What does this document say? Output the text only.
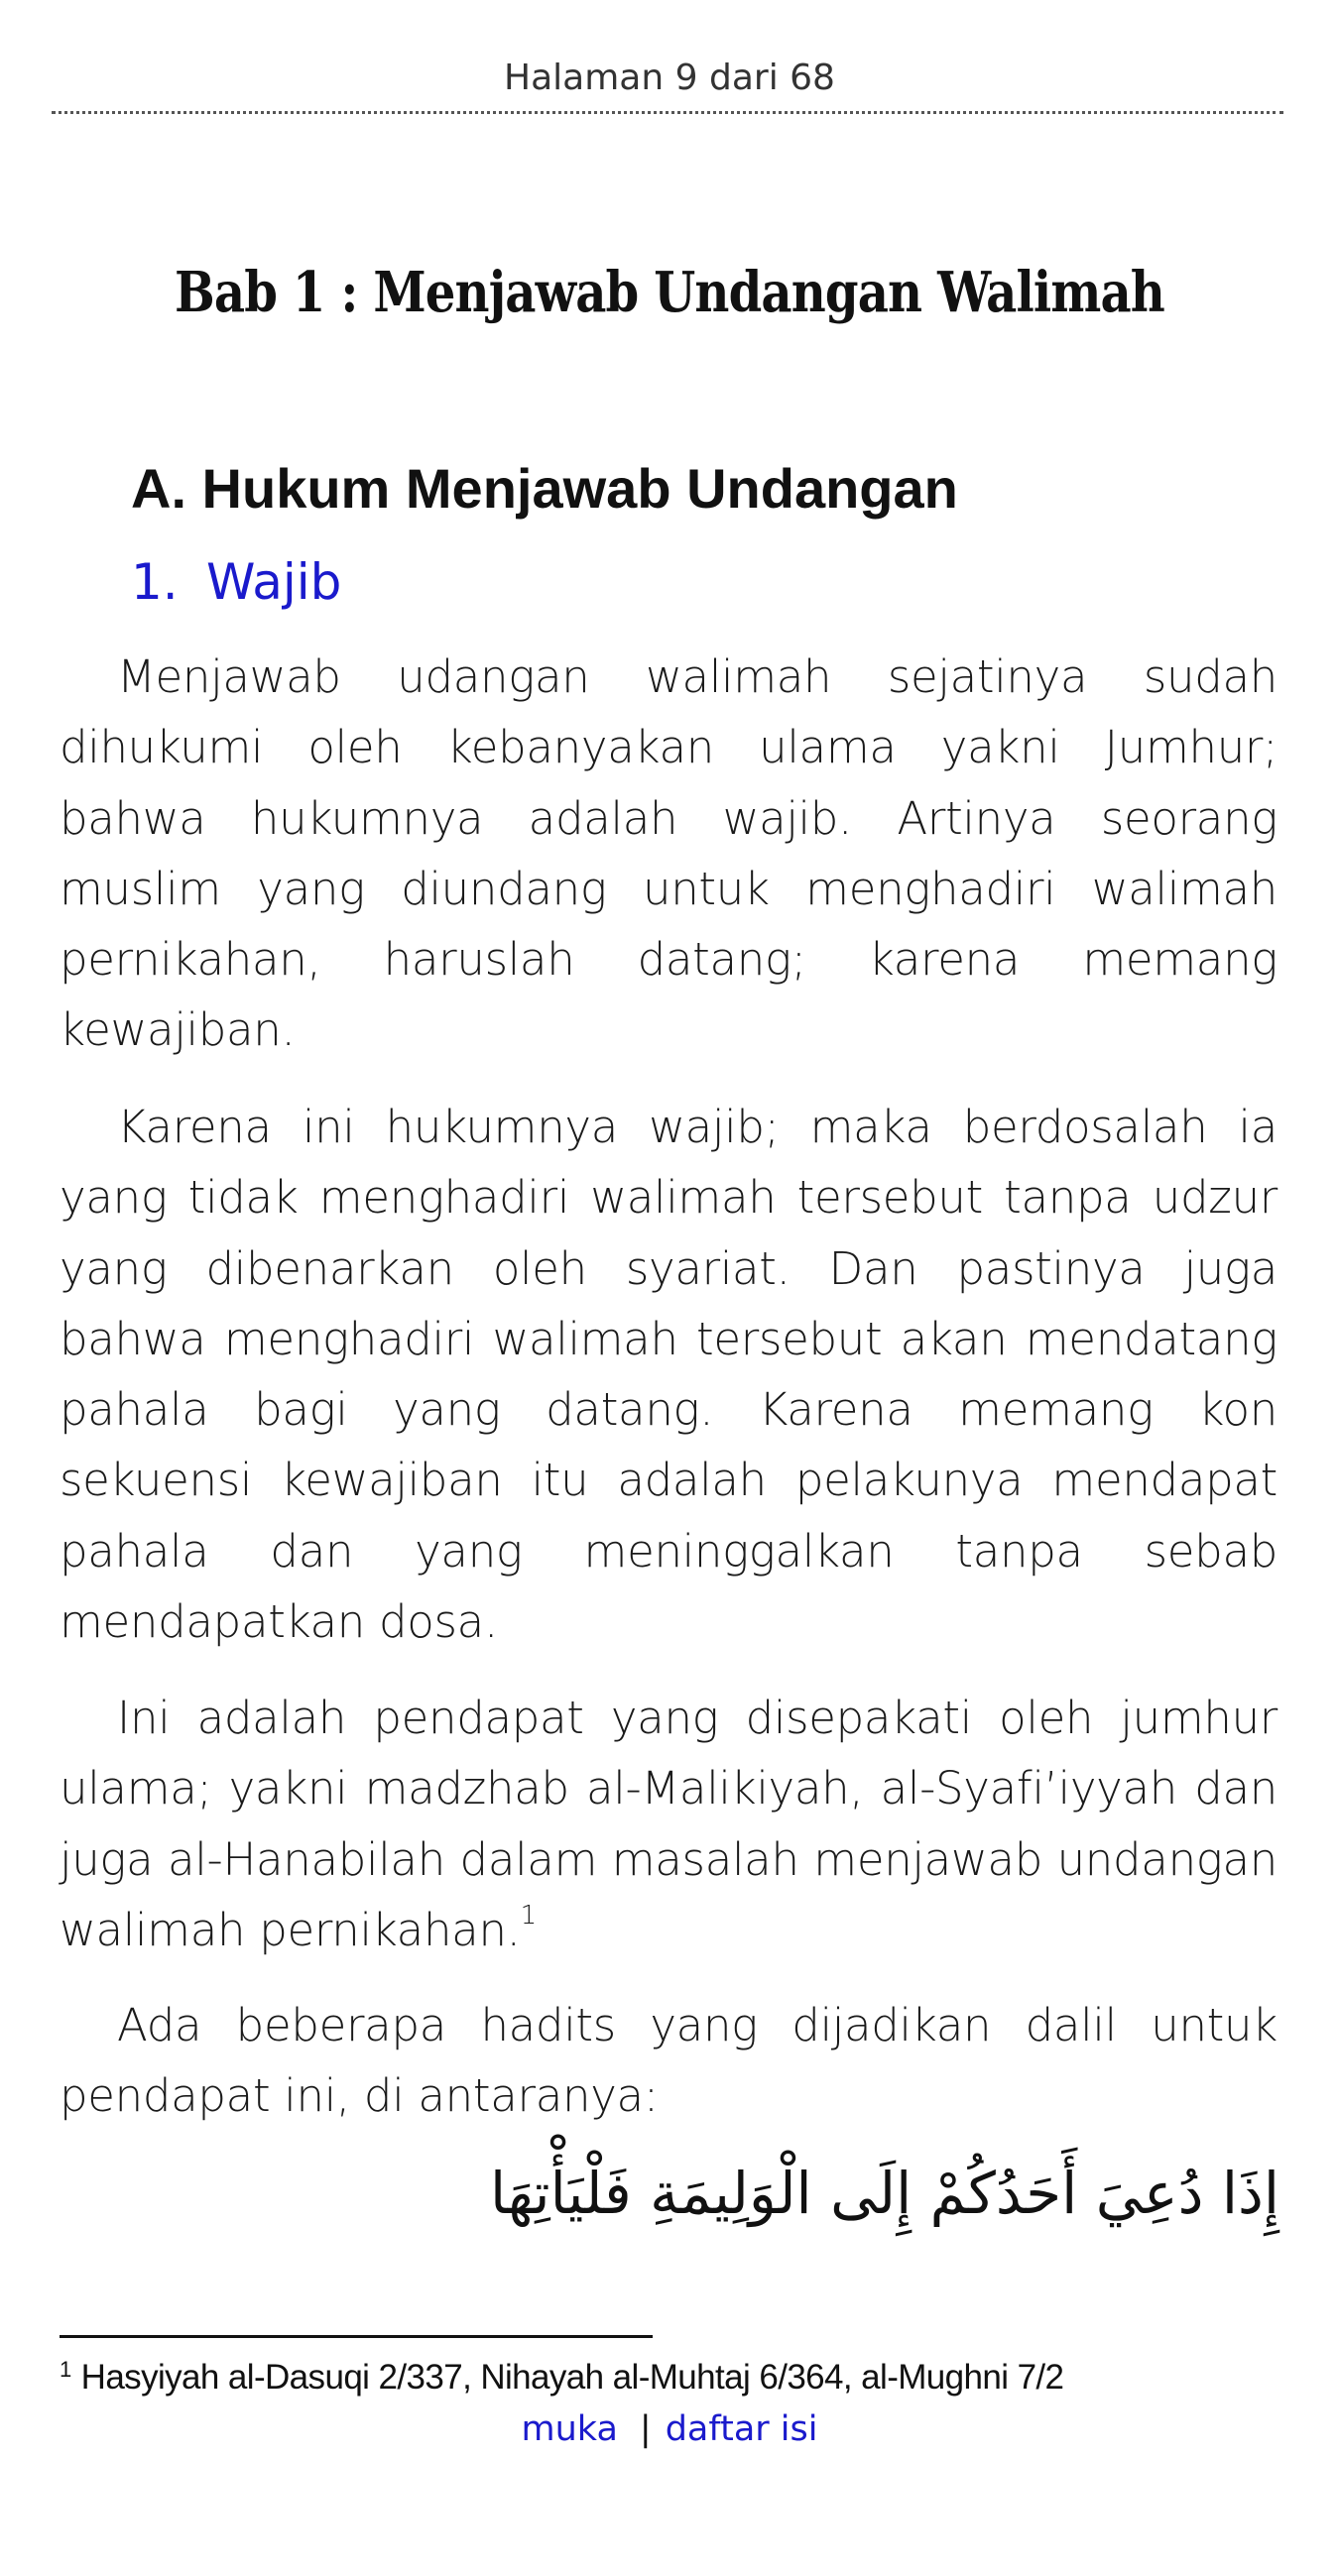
Halaman 9 dari 68
Bab 1 : Menjawab Undangan Walimah
A. Hukum Menjawab Undangan
1. Wajib

Menjawab udangan walimah sejatinya sudah dihukumi oleh kebanyakan ulama yakni Jumhur; bahwa hukumnya adalah wajib. Artinya seorang muslim yang diundang untuk menghadiri walimah pernikahan, haruslah datang; karena memang kewajiban.

Karena ini hukumnya wajib; maka berdosalah ia yang tidak menghadiri walimah tersebut tanpa udzur yang dibenarkan oleh syariat. Dan pastinya juga bahwa menghadiri walimah tersebut akan mendatang pahala bagi yang datang. Karena memang kon sekuensi kewajiban itu adalah pelakunya mendapat pahala dan yang meninggalkan tanpa sebab mendapatkan dosa.

Ini adalah pendapat yang disepakati oleh jumhur ulama; yakni madzhab al-Malikiyah, al-Syafi’iyyah dan juga al-Hanabilah dalam masalah menjawab undangan walimah pernikahan.$^1$

Ada beberapa hadits yang dijadikan dalil untuk pendapat ini, di antaranya:

إِذَا دُعِيَ أَحَدُكُمْ إِلَى الْوَلِيمَةِ فَلْيَأْتِهَا
$^1$ Hasyiyah al-Dasuqi 2/337, Nihayah al-Muhtaj 6/364, al-Mughni 7/2
muka | daftar isi
